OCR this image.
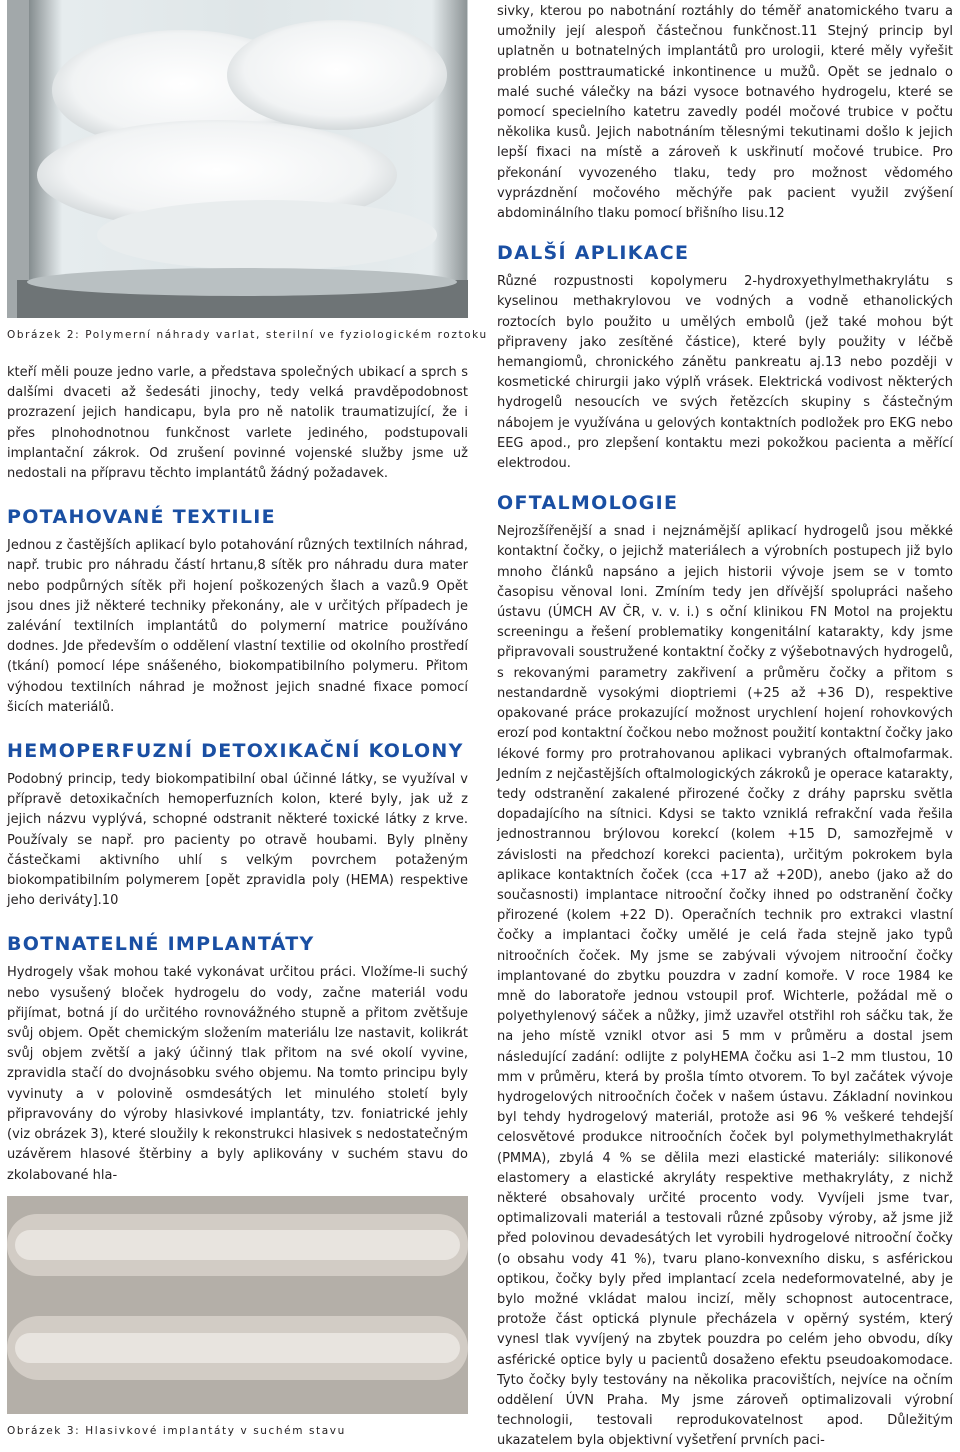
Obrázek 2: Polymerní náhrady varlat, sterilní ve fyziologickém roztoku

kteří měli pouze jedno varle, a představa společných ubikací a sprch s dalšími dvaceti až šedesáti jinochy, tedy velká pravděpodobnost prozrazení jejich handicapu, byla pro ně natolik traumatizující, že i přes plnohodnotnou funkčnost varlete jediného, podstupovali implantační zákrok. Od zrušení povinné vojenské služby jsme už nedostali na přípravu těchto implantátů žádný požadavek.

POTAHOVANÉ TEXTILIE

Jednou z častějších aplikací bylo potahování různých textilních náhrad, např. trubic pro náhradu částí hrtanu,8 sítěk pro náhradu dura mater nebo podpůrných sítěk při hojení poškozených šlach a vazů.9 Opět jsou dnes již některé techniky překonány, ale v určitých případech je zalévání textilních implantátů do polymerní matrice používáno dodnes. Jde především o oddělení vlastní textilie od okolního prostředí (tkání) pomocí lépe snášeného, biokompatibilního polymeru. Přitom výhodou textilních náhrad je možnost jejich snadné fixace pomocí šicích materiálů.

HEMOPERFUZNÍ DETOXIKAČNÍ KOLONY

Podobný princip, tedy biokompatibilní obal účinné látky, se využíval v přípravě detoxikačních hemoperfuzních kolon, které byly, jak už z jejich názvu vyplývá, schopné odstranit některé toxické látky z krve. Používaly se např. pro pacienty po otravě houbami. Byly plněny částečkami aktivního uhlí s velkým povrchem potaženým biokompatibilním polymerem [opět zpravidla poly (HEMA) respektive jeho deriváty].10

BOTNATELNÉ IMPLANTÁTY

Hydrogely však mohou také vykonávat určitou práci. Vložíme-li suchý nebo vysušený bloček hydrogelu do vody, začne materiál vodu přijímat, botná jí do určitého rovnovážného stupně a přitom zvětšuje svůj objem. Opět chemickým složením materiálu lze nastavit, kolikrát svůj objem zvětší a jaký účinný tlak přitom na své okolí vyvine, zpravidla stačí do dvojnásobku svého objemu. Na tomto principu byly vyvinuty a v polovině osmdesátých let minulého století byly připravovány do výroby hlasivkové implantáty, tzv. foniatrické jehly (viz obrázek 3), které sloužily k rekonstrukci hlasivek s nedostatečným uzávěrem hlasové štěrbiny a byly aplikovány v suchém stavu do zkolabované hla-

Obrázek 3: Hlasivkové implantáty v suchém stavu

sivky, kterou po nabotnání roztáhly do téměř anatomického tvaru a umožnily její alespoň částečnou funkčnost.11 Stejný princip byl uplatněn u botnatelných implantátů pro urologii, které měly vyřešit problém posttraumatické inkontinence u mužů. Opět se jednalo o malé suché válečky na bázi vysoce botnavého hydrogelu, které se pomocí specielního katetru zavedly podél močové trubice v počtu několika kusů. Jejich nabotnáním tělesnými tekutinami došlo k jejich lepší fixaci na místě a zároveň k uskřinutí močové trubice. Pro překonání vyvozeného tlaku, tedy pro možnost vědomého vyprázdnění močového měchýře pak pacient využil zvýšení abdominálního tlaku pomocí břišního lisu.12

DALŠÍ APLIKACE

Různé rozpustnosti kopolymeru 2-hydroxyethylmethakrylátu s kyselinou methakrylovou ve vodných a vodně ethanolických roztocích bylo použito u umělých embolů (jež také mohou být připraveny jako zesítěné částice), které byly použity v léčbě hemangiomů, chronického zánětu pankreatu aj.13 nebo později v kosmetické chirurgii jako výplň vrásek. Elektrická vodivost některých hydrogelů nesoucích ve svých řetězcích skupiny s částečným nábojem je využívána u gelových kontaktních podložek pro EKG nebo EEG apod., pro zlepšení kontaktu mezi pokožkou pacienta a měřící elektrodou.

OFTALMOLOGIE

Nejrozšířenější a snad i nejznámější aplikací hydrogelů jsou měkké kontaktní čočky, o jejichž materiálech a výrobních postupech již bylo mnoho článků napsáno a jejich historii vývoje jsem se v tomto časopisu věnoval loni. Zmíním tedy jen dřívější spolupráci našeho ústavu (ÚMCH AV ČR, v. v. i.) s oční klinikou FN Motol na projektu screeningu a řešení problematiky kongenitální katarakty, kdy jsme připravovali soustružené kontaktní čočky z výšebotnavých hydrogelů, s rekovanými parametry zakřivení a průměru čočky a přitom s nestandardně vysokými dioptriemi (+25 až +36 D), respektive opakované práce prokazující možnost urychlení hojení rohovkových erozí pod kontaktní čočkou nebo možnost použití kontaktní čočky jako lékové formy pro protrahovanou aplikaci vybraných oftalmofarmak. Jedním z nejčastějších oftalmologických zákroků je operace katarakty, tedy odstranění zakalené přirozené čočky z dráhy paprsku světla dopadajícího na sítnici. Kdysi se takto vzniklá refrakční vada řešila jednostrannou brýlovou korekcí (kolem +15 D, samozřejmě v závislosti na předchozí korekci pacienta), určitým pokrokem byla aplikace kontaktních čoček (cca +17 až +20D), anebo (jako až do současnosti) implantace nitrooční čočky ihned po odstranění čočky přirozené (kolem +22 D). Operačních technik pro extrakci vlastní čočky a implantaci čočky umělé je celá řada stejně jako typů nitroočních čoček. My jsme se zabývali vývojem nitrooční čočky implantované do zbytku pouzdra v zadní komoře. V roce 1984 ke mně do laboratoře jednou vstoupil prof. Wichterle, požádal mě o polyethylenový sáček a nůžky, jimž uzavřel otstřihl roh sáčku tak, že na jeho místě vznikl otvor asi 5 mm v průměru a dostal jsem následující zadání: odlijte z polyHEMA čočku asi 1–2 mm tlustou, 10 mm v průměru, která by prošla tímto otvorem. To byl začátek vývoje hydrogelových nitroočních čoček v našem ústavu. Základní novinkou byl tehdy hydrogelový materiál, protože asi 96 % veškeré tehdejší celosvětové produkce nitroočních čoček byl polymethylmethakrylát (PMMA), zbylá 4 % se dělila mezi elastické materiály: silikonové elastomery a elastické akryláty respektive methakryláty, z nichž některé obsahovaly určité procento vody. Vyvíjeli jsme tvar, optimalizovali materiál a testovali různé způsoby výroby, až jsme již před polovinou devadesátých let vyrobili hydrogelové nitrooční čočky (o obsahu vody 41 %), tvaru plano-konvexního disku, s asférickou optikou, čočky byly před implantací zcela nedeformovatelné, aby je bylo možné vkládat malou incizí, měly schopnost autocentrace, protože část optická plynule přecházela v opěrný systém, který vynesl tlak vyvíjený na zbytek pouzdra po celém jeho obvodu, díky asférické optice byly u pacientů dosaženo efektu pseudoakomodace. Tyto čočky byly testovány na několika pracovištích, nejvíce na očním oddělení ÚVN Praha. My jsme zároveň optimalizovali výrobní technologii, testovali reprodukovatelnost apod. Důležitým ukazatelem byla objektivní vyšetření prvních paci-
